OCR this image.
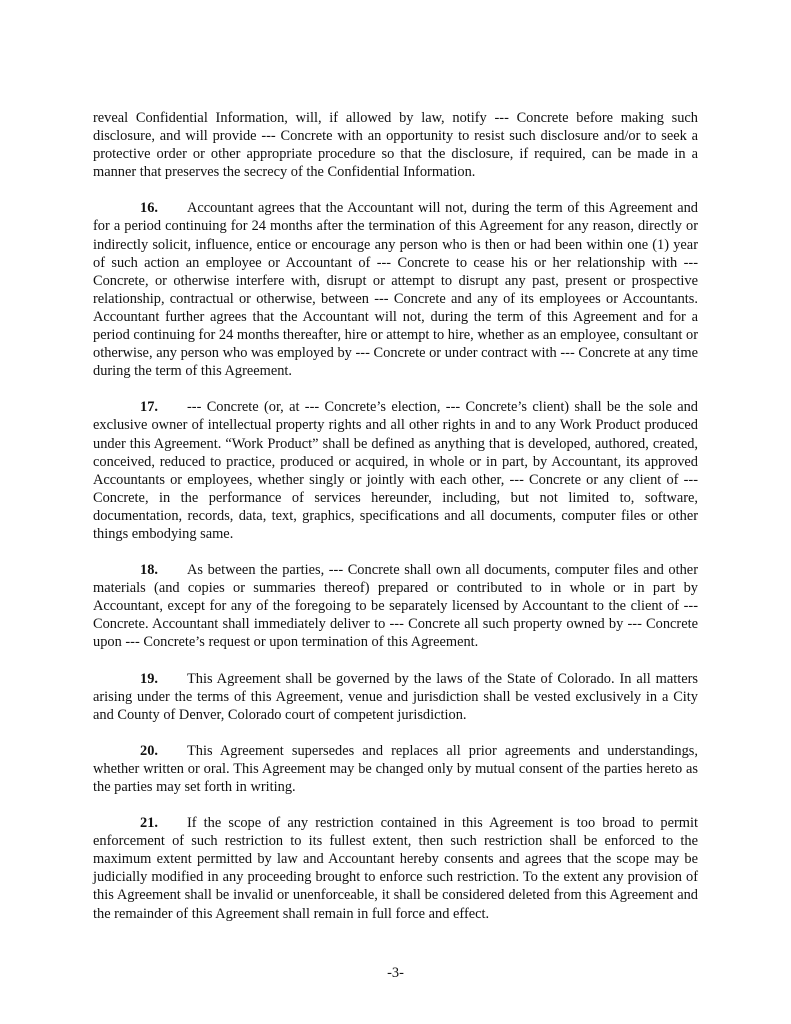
reveal Confidential Information, will, if allowed by law, notify --- Concrete before making such disclosure, and will provide --- Concrete with an opportunity to resist such disclosure and/or to seek a protective order or other appropriate procedure so that the disclosure, if required, can be made in a manner that preserves the secrecy of the Confidential Information.

16. Accountant agrees that the Accountant will not, during the term of this Agreement and for a period continuing for 24 months after the termination of this Agreement for any reason, directly or indirectly solicit, influence, entice or encourage any person who is then or had been within one (1) year of such action an employee or Accountant of --- Concrete to cease his or her relationship with --- Concrete, or otherwise interfere with, disrupt or attempt to disrupt any past, present or prospective relationship, contractual or otherwise, between --- Concrete and any of its employees or Accountants. Accountant further agrees that the Accountant will not, during the term of this Agreement and for a period continuing for 24 months thereafter, hire or attempt to hire, whether as an employee, consultant or otherwise, any person who was employed by --- Concrete or under contract with --- Concrete at any time during the term of this Agreement.

17. --- Concrete (or, at --- Concrete’s election, --- Concrete’s client) shall be the sole and exclusive owner of intellectual property rights and all other rights in and to any Work Product produced under this Agreement. “Work Product” shall be defined as anything that is developed, authored, created, conceived, reduced to practice, produced or acquired, in whole or in part, by Accountant, its approved Accountants or employees, whether singly or jointly with each other, --- Concrete or any client of --- Concrete, in the performance of services hereunder, including, but not limited to, software, documentation, records, data, text, graphics, specifications and all documents, computer files or other things embodying same.

18. As between the parties, --- Concrete shall own all documents, computer files and other materials (and copies or summaries thereof) prepared or contributed to in whole or in part by Accountant, except for any of the foregoing to be separately licensed by Accountant to the client of --- Concrete. Accountant shall immediately deliver to --- Concrete all such property owned by --- Concrete upon --- Concrete’s request or upon termination of this Agreement.

19. This Agreement shall be governed by the laws of the State of Colorado. In all matters arising under the terms of this Agreement, venue and jurisdiction shall be vested exclusively in a City and County of Denver, Colorado court of competent jurisdiction.

20. This Agreement supersedes and replaces all prior agreements and understandings, whether written or oral. This Agreement may be changed only by mutual consent of the parties hereto as the parties may set forth in writing.

21. If the scope of any restriction contained in this Agreement is too broad to permit enforcement of such restriction to its fullest extent, then such restriction shall be enforced to the maximum extent permitted by law and Accountant hereby consents and agrees that the scope may be judicially modified in any proceeding brought to enforce such restriction. To the extent any provision of this Agreement shall be invalid or unenforceable, it shall be considered deleted from this Agreement and the remainder of this Agreement shall remain in full force and effect.

-3-
